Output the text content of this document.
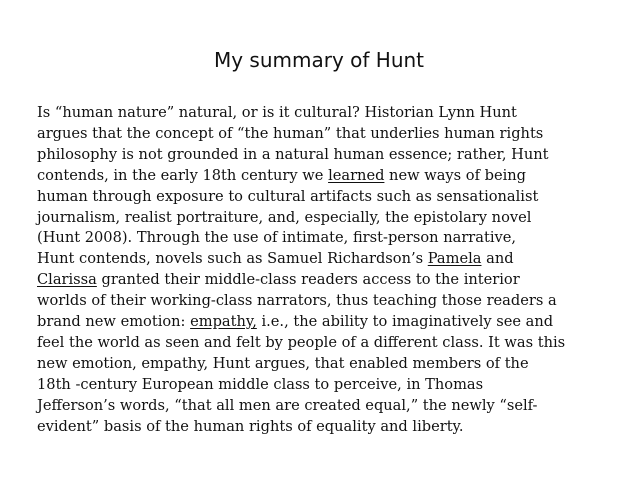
My summary of Hunt
Is “human nature” natural, or is it cultural? Historian Lynn Hunt
argues that the concept of “the human” that underlies human rights
philosophy is not grounded in a natural human essence; rather, Hunt
contends, in the early 18th century we learned new ways of being
human through exposure to cultural artifacts such as sensationalist
journalism, realist portraiture, and, especially, the epistolary novel
(Hunt 2008). Through the use of intimate, first-person narrative,
Hunt contends, novels such as Samuel Richardson’s Pamela and
Clarissa granted their middle-class readers access to the interior
worlds of their working-class narrators, thus teaching those readers a
brand new emotion: empathy, i.e., the ability to imaginatively see and
feel the world as seen and felt by people of a different class. It was this
new emotion, empathy, Hunt argues, that enabled members of the
18th -century European middle class to perceive, in Thomas
Jefferson’s words, “that all men are created equal,” the newly “self-
evident” basis of the human rights of equality and liberty.
